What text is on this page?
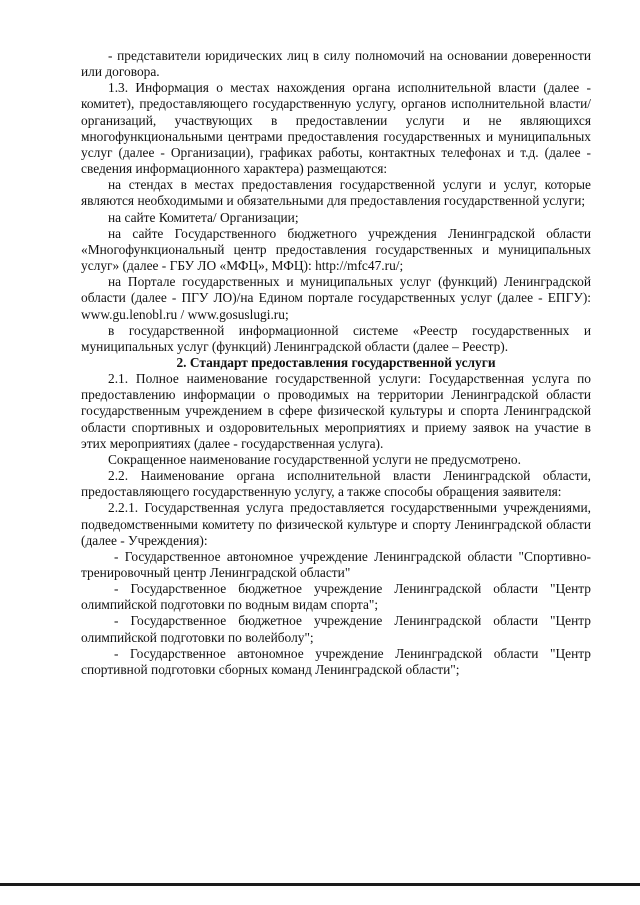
- представители юридических лиц в силу полномочий на основании доверенности или договора.

1.3. Информация о местах нахождения органа исполнительной власти (далее - комитет), предоставляющего государственную услугу, органов исполнительной власти/ организаций, участвующих в предоставлении услуги и не являющихся многофункциональными центрами предоставления государственных и муниципальных услуг (далее - Организации), графиках работы, контактных телефонах и т.д. (далее - сведения информационного характера) размещаются:

на стендах в местах предоставления государственной услуги и услуг, которые являются необходимыми и обязательными для предоставления государственной услуги;

на сайте Комитета/ Организации;

на сайте Государственного бюджетного учреждения Ленинградской области «Многофункциональный центр предоставления государственных и муниципальных услуг» (далее - ГБУ ЛО «МФЦ», МФЦ): http://mfc47.ru/;

на Портале государственных и муниципальных услуг (функций) Ленинградской области (далее - ПГУ ЛО)/на Едином портале государственных услуг (далее - ЕПГУ): www.gu.lenobl.ru / www.gosuslugi.ru;

в государственной информационной системе «Реестр государственных и муниципальных услуг (функций) Ленинградской области (далее – Реестр).

2. Стандарт предоставления государственной услуги

2.1. Полное наименование государственной услуги: Государственная услуга по предоставлению информации о проводимых на территории Ленинградской области государственным учреждением в сфере физической культуры и спорта Ленинградской области спортивных и оздоровительных мероприятиях и приему заявок на участие в этих мероприятиях (далее - государственная услуга).

Сокращенное наименование государственной услуги не предусмотрено.

2.2. Наименование органа исполнительной власти Ленинградской области, предоставляющего государственную услугу, а также способы обращения заявителя:

2.2.1. Государственная услуга предоставляется государственными учреждениями, подведомственными комитету по физической культуре и спорту Ленинградской области (далее - Учреждения):

- Государственное автономное учреждение Ленинградской области "Спортивно-тренировочный центр Ленинградской области"

- Государственное бюджетное учреждение Ленинградской области "Центр олимпийской подготовки по водным видам спорта";

- Государственное бюджетное учреждение Ленинградской области "Центр олимпийской подготовки по волейболу";

- Государственное автономное учреждение Ленинградской области "Центр спортивной подготовки сборных команд Ленинградской области";
